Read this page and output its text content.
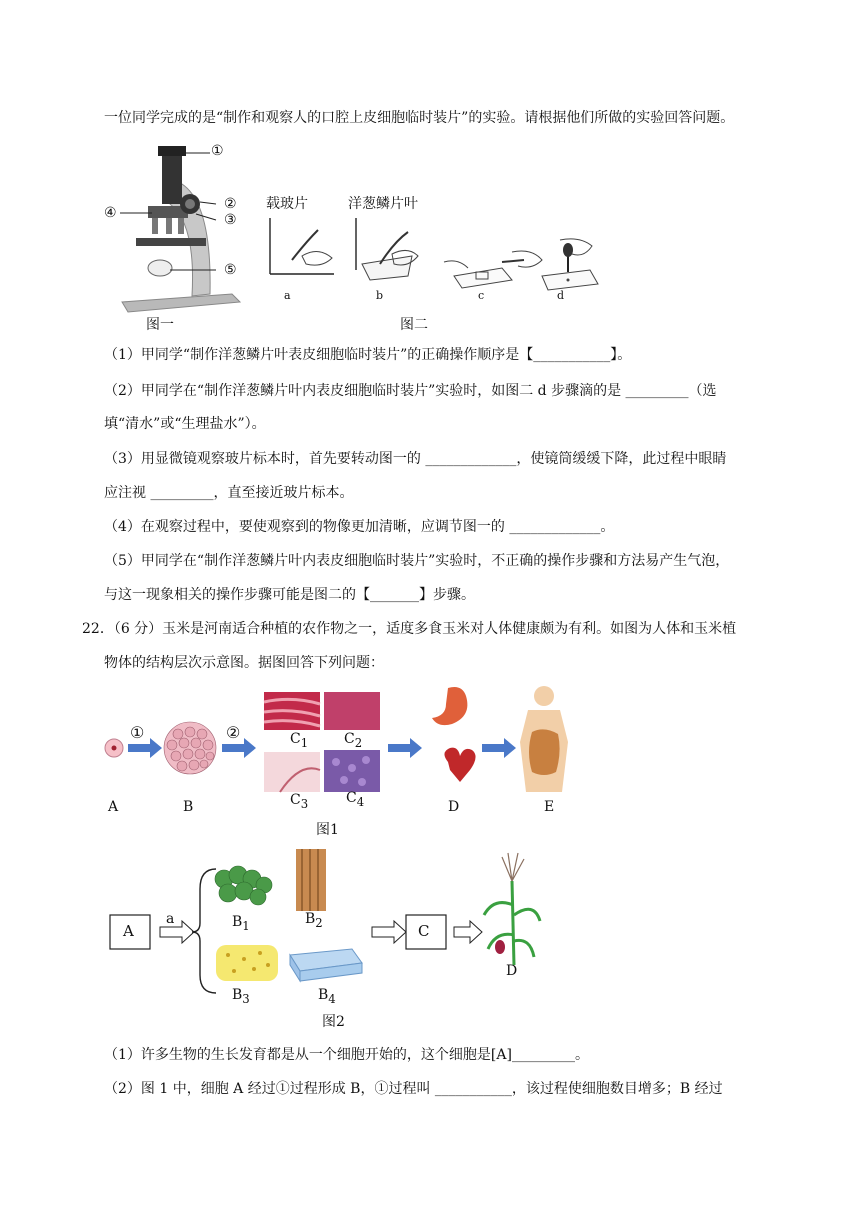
一位同学完成的是“制作和观察人的口腔上皮细胞临时装片”的实验。请根据他们所做的实验回答问题。
①
②
③
④
⑤
图一
载玻片	洋葱鳞片叶
a	b	c	d
图二
（1）甲同学“制作洋葱鳞片叶表皮细胞临时装片”的正确操作顺序是【___________】。
（2）甲同学在“制作洋葱鳞片叶内表皮细胞临时装片”实验时，如图二 d 步骤滴的是 _________（选
填“清水”或“生理盐水”）。
（3）用显微镜观察玻片标本时，首先要转动图一的 _____________，使镜筒缓缓下降，此过程中眼睛
应注视 _________，直至接近玻片标本。
（4）在观察过程中，要使观察到的物像更加清晰，应调节图一的 _____________。
（5）甲同学在“制作洋葱鳞片叶内表皮细胞临时装片”实验时，不正确的操作步骤和方法易产生气泡，
与这一现象相关的操作步骤可能是图二的【_______】步骤。
22．（6 分）玉米是河南适合种植的农作物之一，适度多食玉米对人体健康颇为有利。如图为人体和玉米植
物体的结构层次示意图。据图回答下列问题：
①	②	$C_1$	$C_2$
$C_3$	$C_4$
A	B	D	E
图1
A
a
C
D
$B_1$	$B_2$
$B_3$	$B_4$
图2
（1）许多生物的生长发育都是从一个细胞开始的，这个细胞是[A]_________。
（2）图 1 中，细胞 A 经过①过程形成 B，①过程叫 ___________，该过程使细胞数目增多；B 经过
